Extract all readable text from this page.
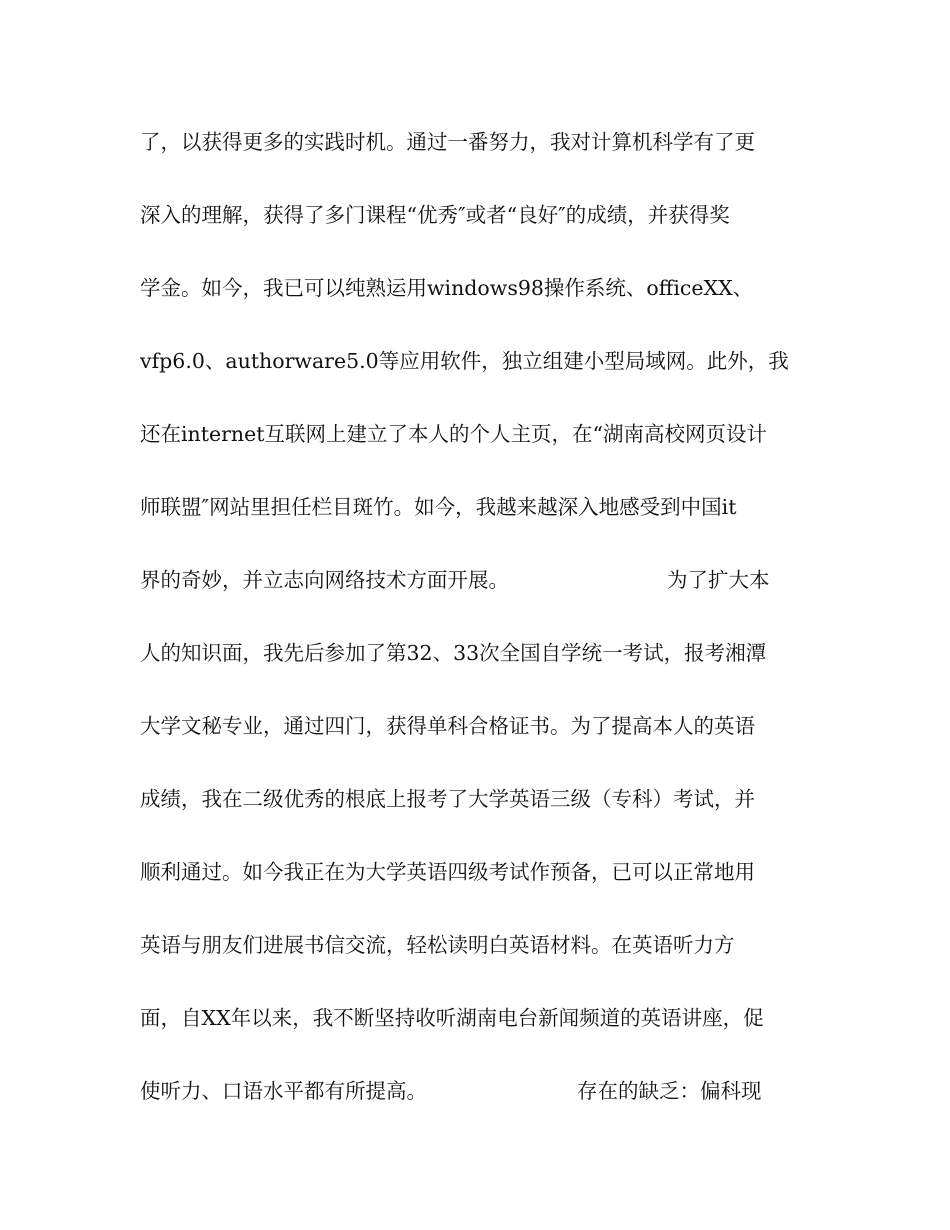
了，以获得更多的实践时机。通过一番努力，我对计算机科学有了更
深入的理解，获得了多门课程“优秀″或者“良好″的成绩，并获得奖
学金。如今，我已可以纯熟运用windows98操作系统、officeXX、
vfp6.0、authorware5.0等应用软件，独立组建小型局域网。此外，我
还在internet互联网上建立了本人的个人主页，在“湖南高校网页设计
师联盟″网站里担任栏目斑竹。如今，我越来越深入地感受到中国it
界的奇妙，并立志向网络技术方面开展。	为了扩大本
人的知识面，我先后参加了第32、33次全国自学统一考试，报考湘潭
大学文秘专业，通过四门，获得单科合格证书。为了提高本人的英语
成绩，我在二级优秀的根底上报考了大学英语三级（专科）考试，并
顺利通过。如今我正在为大学英语四级考试作预备，已可以正常地用
英语与朋友们进展书信交流，轻松读明白英语材料。在英语听力方
面，自XX年以来，我不断坚持收听湖南电台新闻频道的英语讲座，促
使听力、口语水平都有所提高。	存在的缺乏：偏科现
